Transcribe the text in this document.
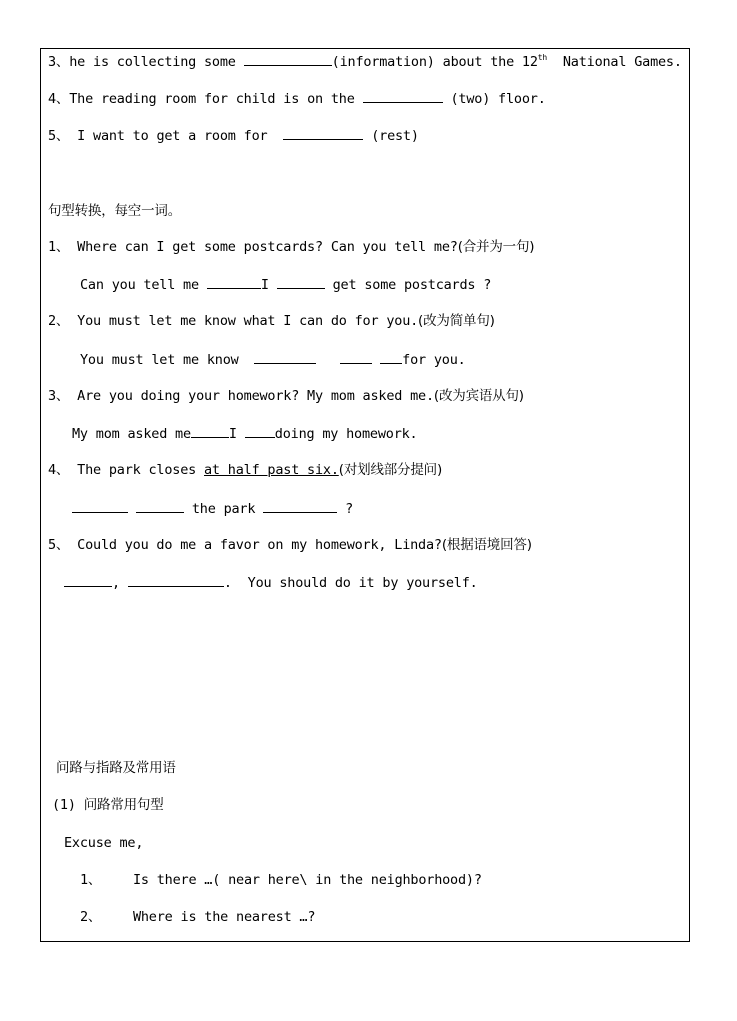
3、he is collecting some	(information) about the 12th  National Games.
4、The reading room for child is on the	(two) floor.
5、 I want to get a room for	(rest)
句型转换，每空一词。
1、 Where can I get some postcards? Can you tell me?(合并为一句)
Can you tell me	I	get some postcards ?
2、 You must let me know what I can do for you.(改为简单句)
You must let me know	for you.
3、 Are you doing your homework? My mom asked me.(改为宾语从句)
My mom asked me	I doing my homework.
4、 The park closes at half past six.(对划线部分提问)
the park	?
5、 Could you do me a favor on my homework, Linda?(根据语境回答)
,	.  You should do it by yourself.
问路与指路及常用语
(1) 问路常用句型
Excuse me,
1、 Is there …( near here\ in the neighborhood)?
2、 Where is the nearest …?
